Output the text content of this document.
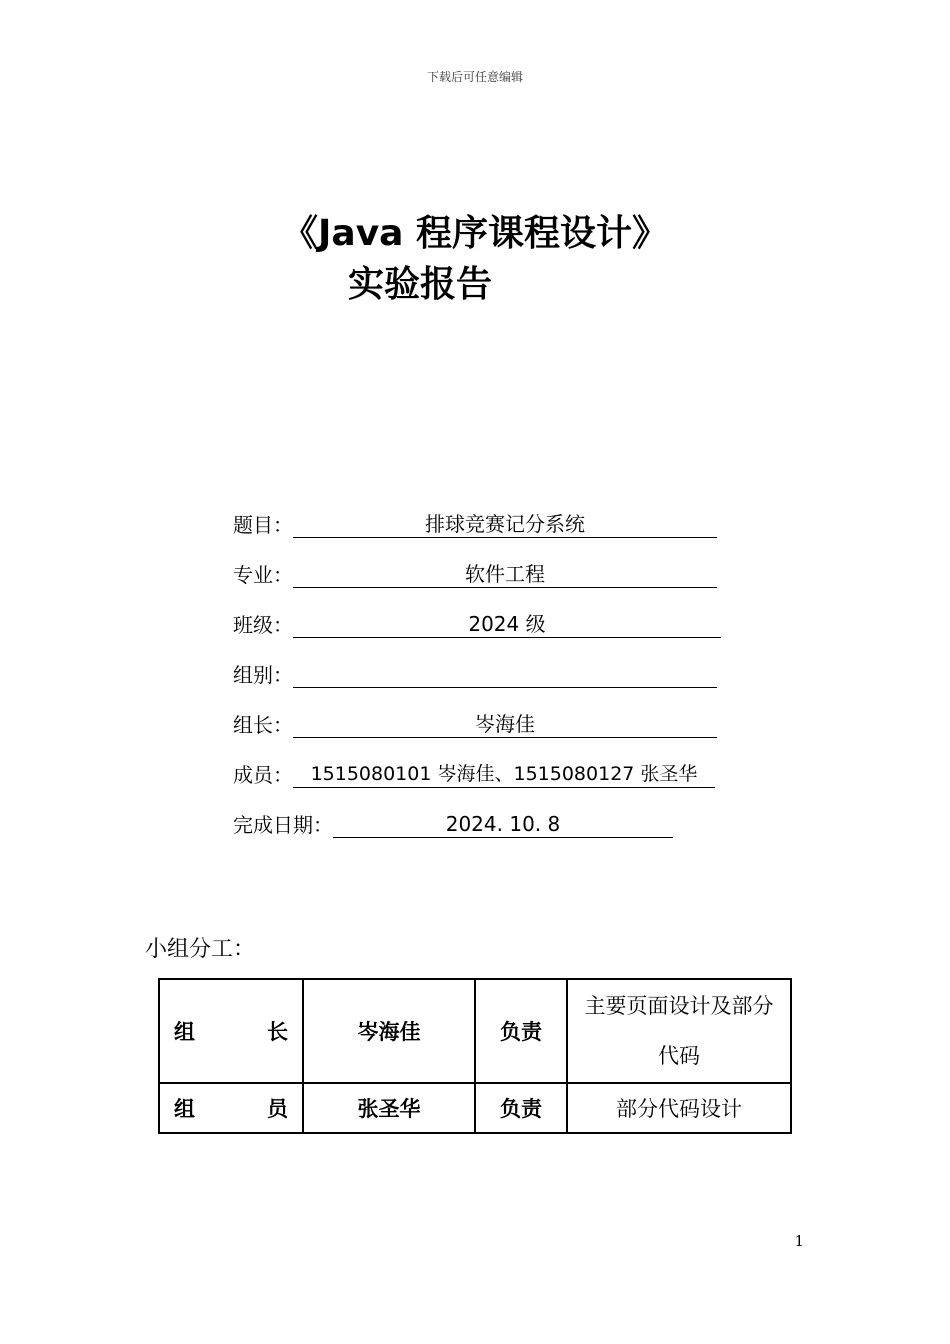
下载后可任意编辑
《Java 程序课程设计》
实验报告
题目：	排球竞赛记分系统
专业：	软件工程
班级：	2024 级
组别：
组长：	岑海佳
成员： 1515080101 岑海佳、1515080127 张圣华
完成日期：	2024. 10. 8
小组分工：
组 长	岑海佳	负责	主要页面设计及部分
代码

组 员	张圣华	负责	部分代码设计
1
